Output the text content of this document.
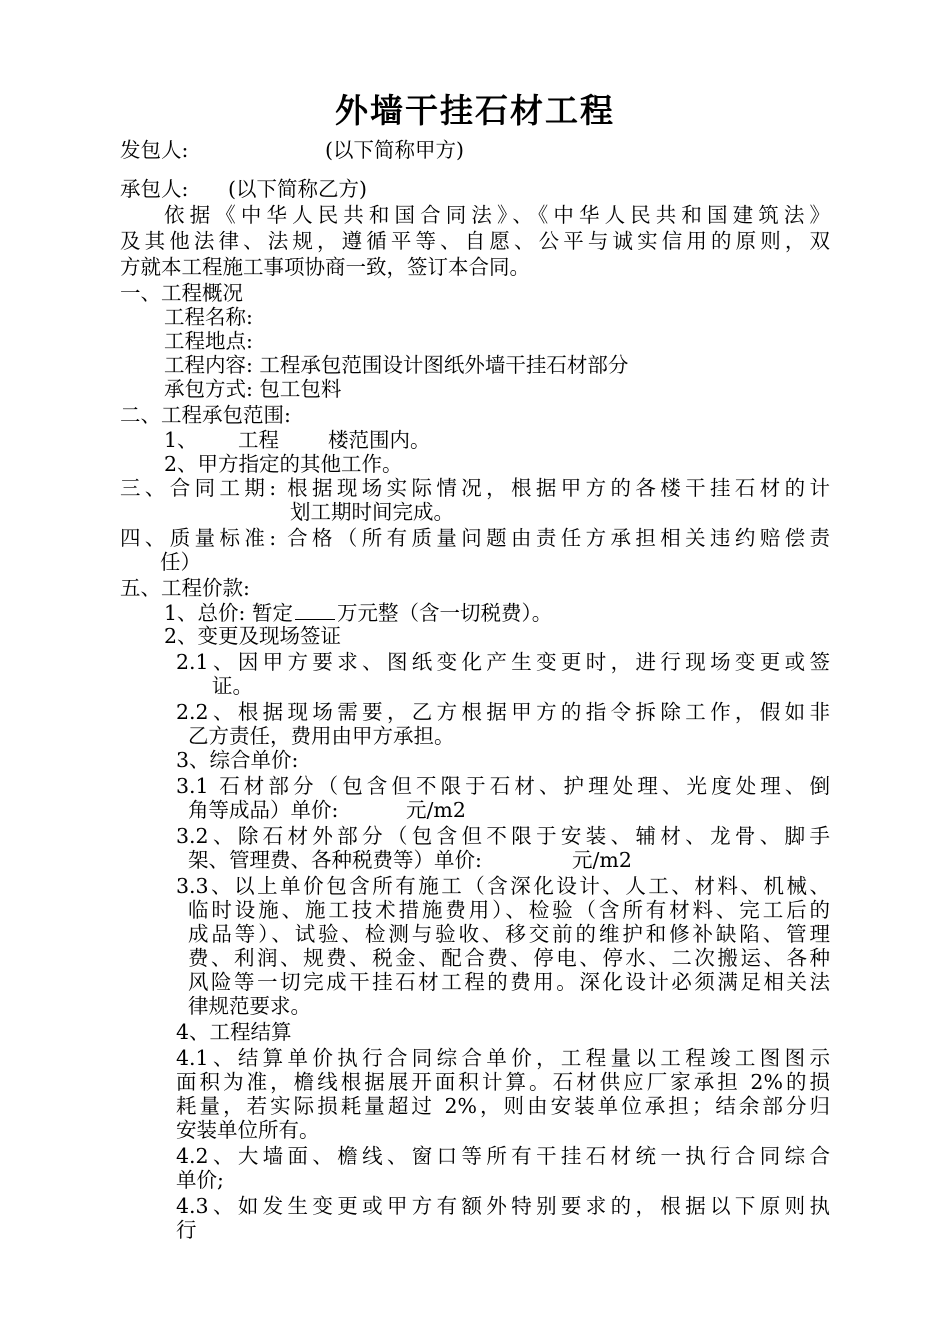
外墙干挂石材工程
发包人:	(以下简称甲方)
承包人: (以下简称乙方)
依据《中华人民共和国合同法》、《中华人民共和国建筑法》
及其他法律、法规，遵循平等、自愿、公平与诚实信用的原则，双
方就本工程施工事项协商一致，签订本合同。
一、工程概况
工程名称:
工程地点:
工程内容: 工程承包范围设计图纸外墙干挂石材部分
承包方式: 包工包料
二、工程承包范围:
1、 工程 楼范围内。
2、甲方指定的其他工作。
三、合同工期: 根据现场实际情况，根据甲方的各楼干挂石材的计
划工期时间完成。
四、质量标准: 合格（所有质量问题由责任方承担相关违约赔偿责
任）
五、工程价款:
1、总价: 暂定 万元整（含一切税费）。
2、变更及现场签证
2.1、因甲方要求、图纸变化产生变更时，进行现场变更或签
证。
2.2、根据现场需要，乙方根据甲方的指令拆除工作，假如非
乙方责任，费用由甲方承担。
3、综合单价:
3.1 石材部分（包含但不限于石材、护理处理、光度处理、倒
角等成品）单价:	元/m2
3.2、除石材外部分（包含但不限于安装、辅材、龙骨、脚手
架、管理费、各种税费等）单价:	元/m2
3.3、以上单价包含所有施工（含深化设计、人工、材料、机械、
临时设施、施工技术措施费用）、检验（含所有材料、完工后的
成品等）、试验、检测与验收、移交前的维护和修补缺陷、管理
费、利润、规费、税金、配合费、停电、停水、二次搬运、各种
风险等一切完成干挂石材工程的费用。深化设计必须满足相关法
律规范要求。
4、工程结算
4.1、结算单价执行合同综合单价，工程量以工程竣工图图示
面积为准，檐线根据展开面积计算。石材供应厂家承担 2%的损
耗量，若实际损耗量超过 2%，则由安装单位承担；结余部分归
安装单位所有。
4.2、大墙面、檐线、窗口等所有干挂石材统一执行合同综合
单价;
4.3、如发生变更或甲方有额外特别要求的，根据以下原则执
行
